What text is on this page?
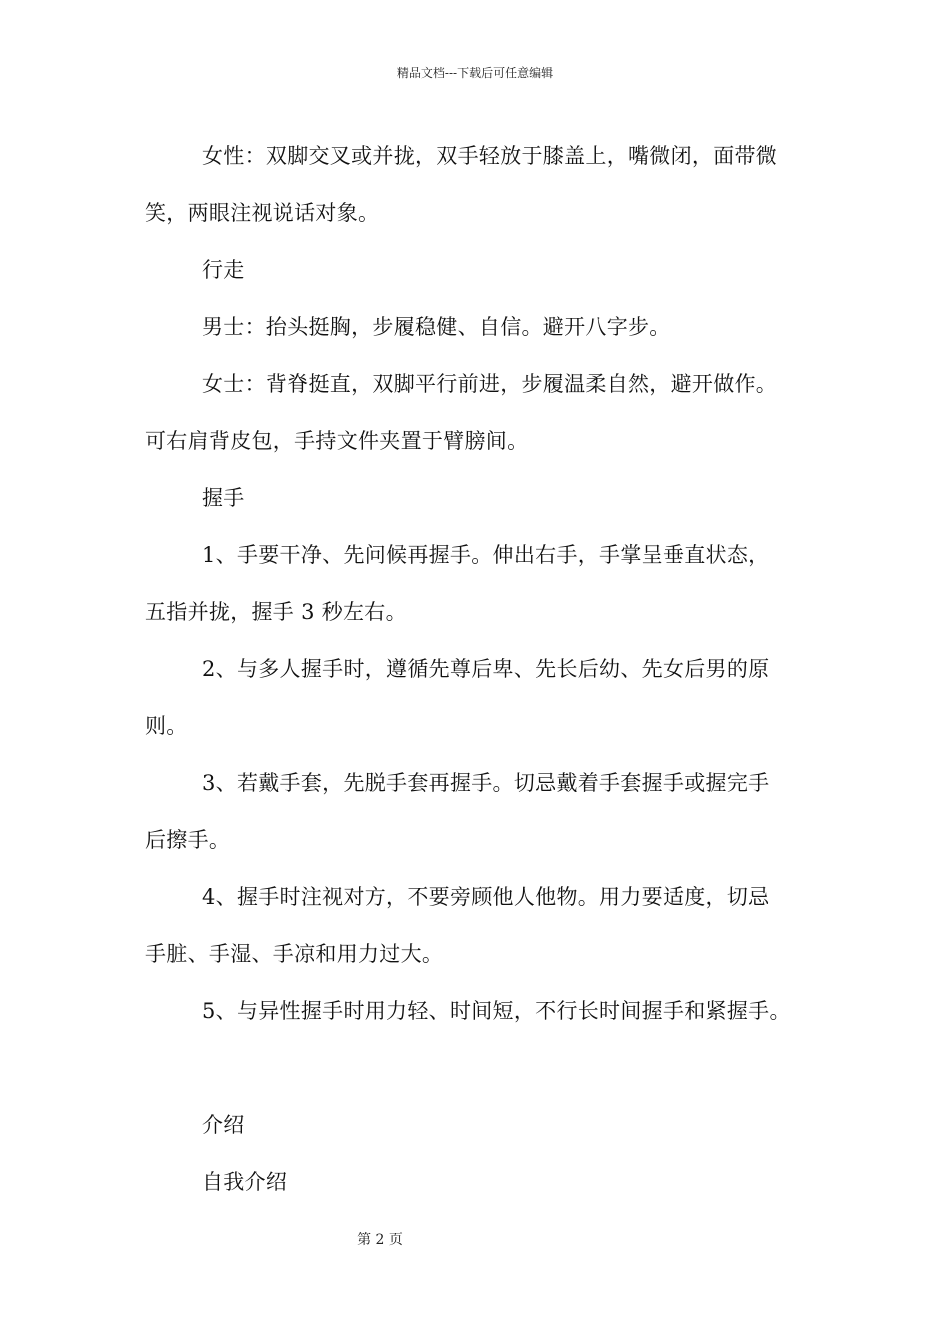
精品文档---下载后可任意编辑
女性：双脚交叉或并拢，双手轻放于膝盖上，嘴微闭，面带微
笑，两眼注视说话对象。
行走
男士：抬头挺胸，步履稳健、自信。避开八字步。
女士：背脊挺直，双脚平行前进，步履温柔自然，避开做作。
可右肩背皮包，手持文件夹置于臂膀间。
握手
1、手要干净、先问候再握手。伸出右手，手掌呈垂直状态，
五指并拢，握手 3 秒左右。
2、与多人握手时，遵循先尊后卑、先长后幼、先女后男的原
则。
3、若戴手套，先脱手套再握手。切忌戴着手套握手或握完手
后擦手。
4、握手时注视对方，不要旁顾他人他物。用力要适度，切忌
手脏、手湿、手凉和用力过大。
5、与异性握手时用力轻、时间短，不行长时间握手和紧握手。
介绍
自我介绍
第 2 页
